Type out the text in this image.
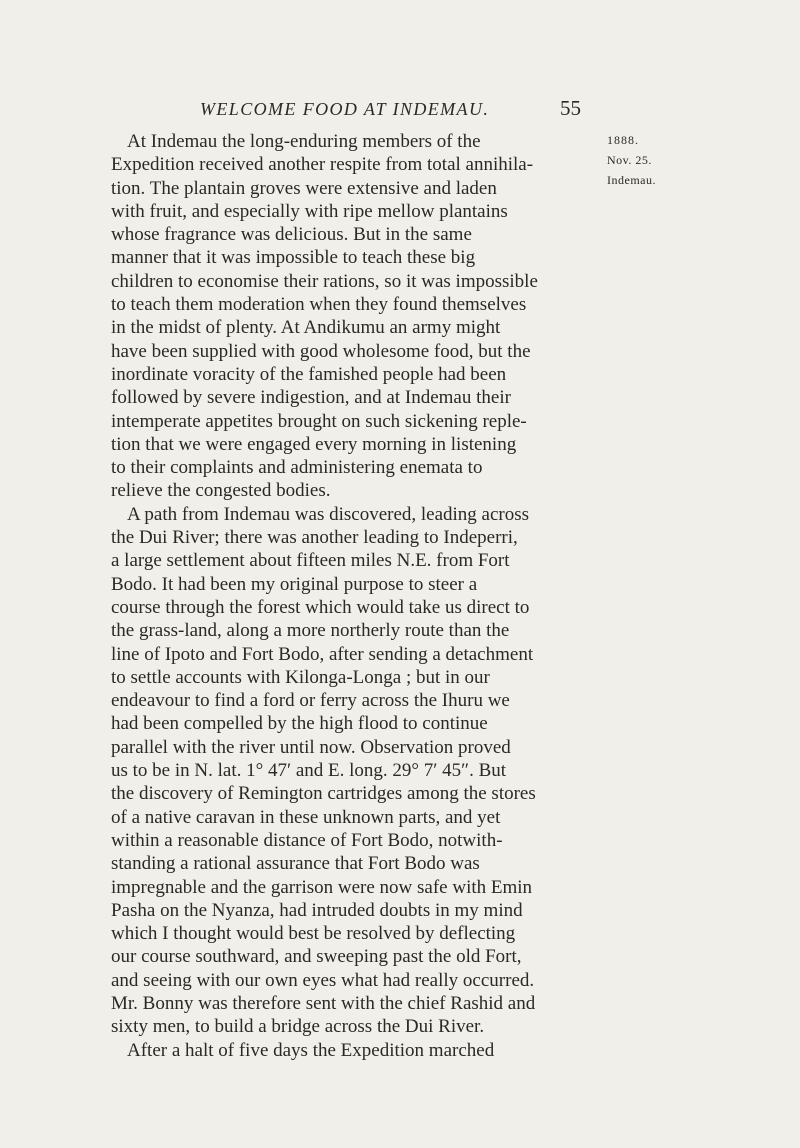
WELCOME FOOD AT INDEMAU.	55
1888.
Nov. 25.
Indemau.
At Indemau the long-enduring members of the
Expedition received another respite from total annihila-
tion. The plantain groves were extensive and laden
with fruit, and especially with ripe mellow plantains
whose fragrance was delicious. But in the same
manner that it was impossible to teach these big
children to economise their rations, so it was impossible
to teach them moderation when they found themselves
in the midst of plenty. At Andikumu an army might
have been supplied with good wholesome food, but the
inordinate voracity of the famished people had been
followed by severe indigestion, and at Indemau their
intemperate appetites brought on such sickening reple-
tion that we were engaged every morning in listening
to their complaints and administering enemata to
relieve the congested bodies.
A path from Indemau was discovered, leading across
the Dui River; there was another leading to Indeperri,
a large settlement about fifteen miles N.E. from Fort
Bodo. It had been my original purpose to steer a
course through the forest which would take us direct to
the grass-land, along a more northerly route than the
line of Ipoto and Fort Bodo, after sending a detachment
to settle accounts with Kilonga-Longa ; but in our
endeavour to find a ford or ferry across the Ihuru we
had been compelled by the high flood to continue
parallel with the river until now. Observation proved
us to be in N. lat. 1° 47′ and E. long. 29° 7′ 45″. But
the discovery of Remington cartridges among the stores
of a native caravan in these unknown parts, and yet
within a reasonable distance of Fort Bodo, notwith-
standing a rational assurance that Fort Bodo was
impregnable and the garrison were now safe with Emin
Pasha on the Nyanza, had intruded doubts in my mind
which I thought would best be resolved by deflecting
our course southward, and sweeping past the old Fort,
and seeing with our own eyes what had really occurred.
Mr. Bonny was therefore sent with the chief Rashid and
sixty men, to build a bridge across the Dui River.
After a halt of five days the Expedition marched
